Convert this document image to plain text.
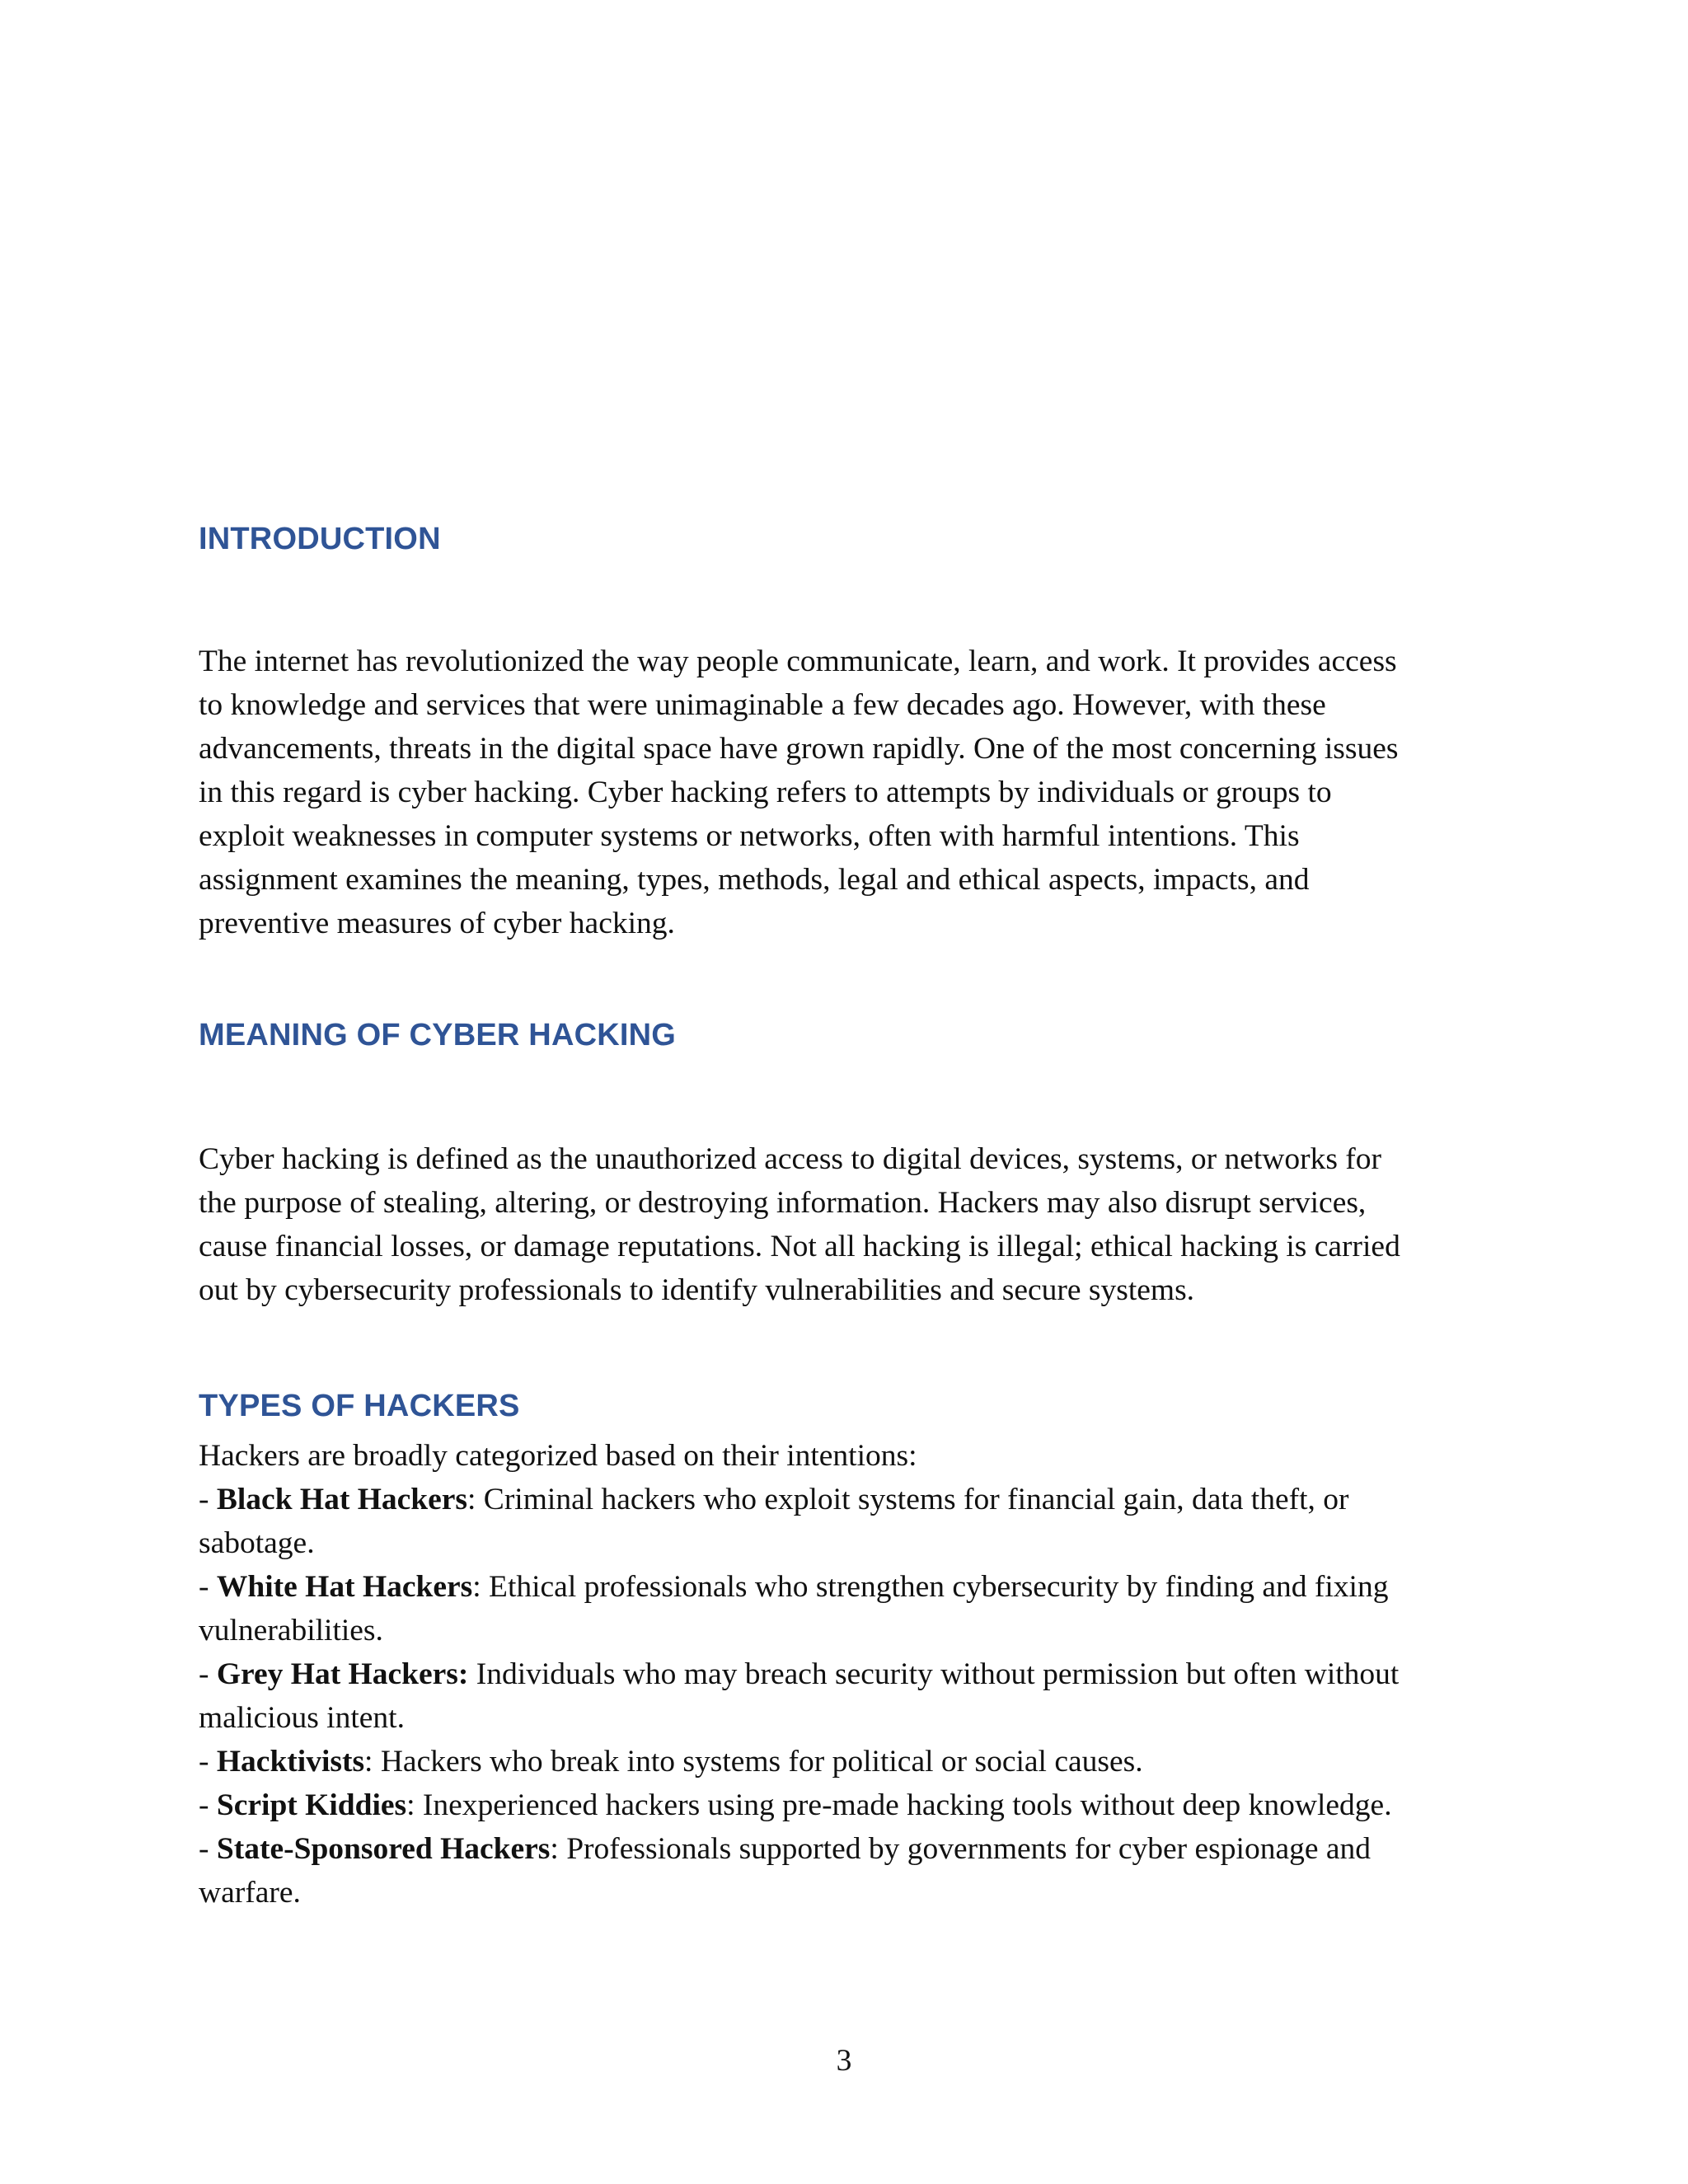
INTRODUCTION
The internet has revolutionized the way people communicate, learn, and work. It provides access
to knowledge and services that were unimaginable a few decades ago. However, with these
advancements, threats in the digital space have grown rapidly. One of the most concerning issues
in this regard is cyber hacking. Cyber hacking refers to attempts by individuals or groups to
exploit weaknesses in computer systems or networks, often with harmful intentions. This
assignment examines the meaning, types, methods, legal and ethical aspects, impacts, and
preventive measures of cyber hacking.
MEANING OF CYBER HACKING
Cyber hacking is defined as the unauthorized access to digital devices, systems, or networks for
the purpose of stealing, altering, or destroying information. Hackers may also disrupt services,
cause financial losses, or damage reputations. Not all hacking is illegal; ethical hacking is carried
out by cybersecurity professionals to identify vulnerabilities and secure systems.
TYPES OF HACKERS
Hackers are broadly categorized based on their intentions:
- Black Hat Hackers: Criminal hackers who exploit systems for financial gain, data theft, or
sabotage.
- White Hat Hackers: Ethical professionals who strengthen cybersecurity by finding and fixing
vulnerabilities.
- Grey Hat Hackers: Individuals who may breach security without permission but often without
malicious intent.
- Hacktivists: Hackers who break into systems for political or social causes.
- Script Kiddies: Inexperienced hackers using pre-made hacking tools without deep knowledge.
- State-Sponsored Hackers: Professionals supported by governments for cyber espionage and
warfare.
3
